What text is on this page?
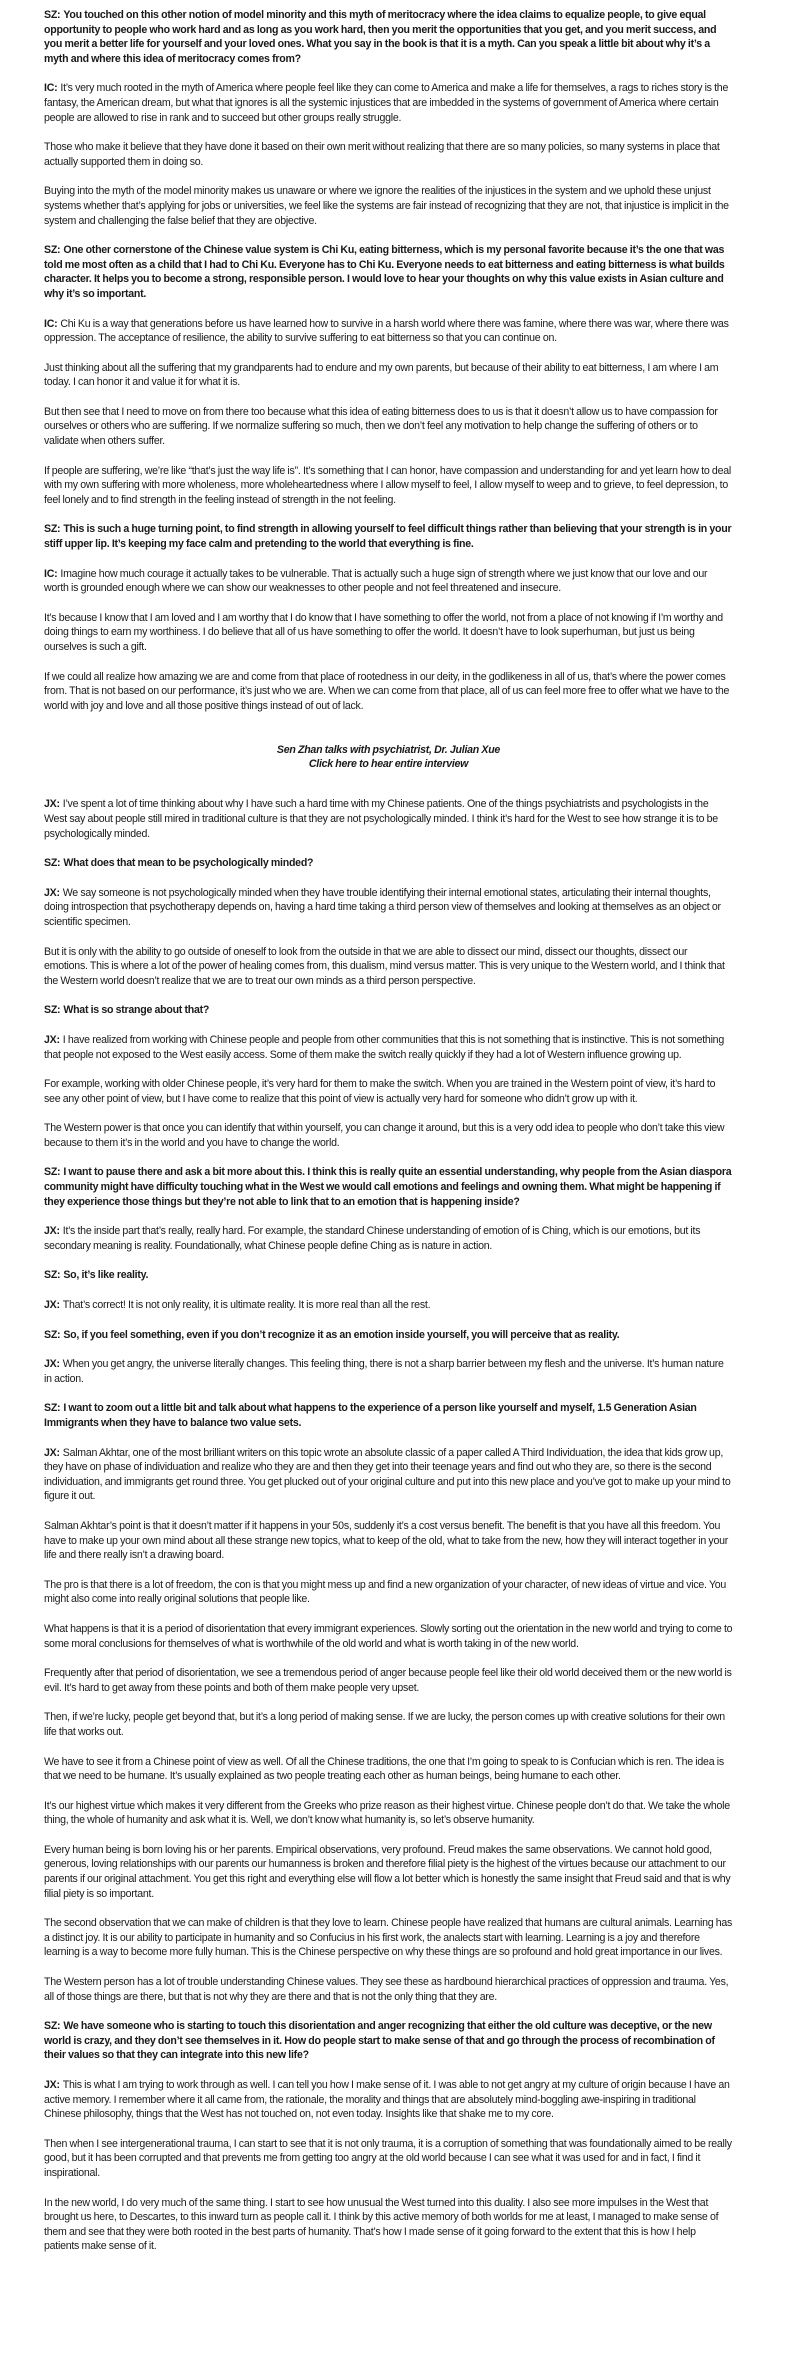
SZ: You touched on this other notion of model minority and this myth of meritocracy where the idea claims to equalize people, to give equal opportunity to people who work hard and as long as you work hard, then you merit the opportunities that you get, and you merit success, and you merit a better life for yourself and your loved ones. What you say in the book is that it is a myth. Can you speak a little bit about why it’s a myth and where this idea of meritocracy comes from?

IC: It’s very much rooted in the myth of America where people feel like they can come to America and make a life for themselves, a rags to riches story is the fantasy, the American dream, but what that ignores is all the systemic injustices that are imbedded in the systems of government of America where certain people are allowed to rise in rank and to succeed but other groups really struggle.

Those who make it believe that they have done it based on their own merit without realizing that there are so many policies, so many systems in place that actually supported them in doing so.

Buying into the myth of the model minority makes us unaware or where we ignore the realities of the injustices in the system and we uphold these unjust systems whether that’s applying for jobs or universities, we feel like the systems are fair instead of recognizing that they are not, that injustice is implicit in the system and challenging the false belief that they are objective.

SZ: One other cornerstone of the Chinese value system is Chi Ku, eating bitterness, which is my personal favorite because it’s the one that was told me most often as a child that I had to Chi Ku. Everyone has to Chi Ku. Everyone needs to eat bitterness and eating bitterness is what builds character. It helps you to become a strong, responsible person. I would love to hear your thoughts on why this value exists in Asian culture and why it’s so important.

IC: Chi Ku is a way that generations before us have learned how to survive in a harsh world where there was famine, where there was war, where there was oppression. The acceptance of resilience, the ability to survive suffering to eat bitterness so that you can continue on.

Just thinking about all the suffering that my grandparents had to endure and my own parents, but because of their ability to eat bitterness, I am where I am today. I can honor it and value it for what it is.

But then see that I need to move on from there too because what this idea of eating bitterness does to us is that it doesn’t allow us to have compassion for ourselves or others who are suffering. If we normalize suffering so much, then we don’t feel any motivation to help change the suffering of others or to validate when others suffer.

If people are suffering, we’re like “that’s just the way life is”. It’s something that I can honor, have compassion and understanding for and yet learn how to deal with my own suffering with more wholeness, more wholeheartedness where I allow myself to feel, I allow myself to weep and to grieve, to feel depression, to feel lonely and to find strength in the feeling instead of strength in the not feeling.

SZ: This is such a huge turning point, to find strength in allowing yourself to feel difficult things rather than believing that your strength is in your stiff upper lip. It’s keeping my face calm and pretending to the world that everything is fine.

IC: Imagine how much courage it actually takes to be vulnerable. That is actually such a huge sign of strength where we just know that our love and our worth is grounded enough where we can show our weaknesses to other people and not feel threatened and insecure.

It’s because I know that I am loved and I am worthy that I do know that I have something to offer the world, not from a place of not knowing if I’m worthy and doing things to earn my worthiness. I do believe that all of us have something to offer the world. It doesn’t have to look superhuman, but just us being ourselves is such a gift.

If we could all realize how amazing we are and come from that place of rootedness in our deity, in the godlikeness in all of us, that’s where the power comes from. That is not based on our performance, it’s just who we are. When we can come from that place, all of us can feel more free to offer what we have to the world with joy and love and all those positive things instead of out of lack.

Sen Zhan talks with psychiatrist, Dr. Julian Xue
Click here to hear entire interview

JX: I’ve spent a lot of time thinking about why I have such a hard time with my Chinese patients. One of the things psychiatrists and psychologists in the West say about people still mired in traditional culture is that they are not psychologically minded. I think it’s hard for the West to see how strange it is to be psychologically minded.

SZ: What does that mean to be psychologically minded?

JX: We say someone is not psychologically minded when they have trouble identifying their internal emotional states, articulating their internal thoughts, doing introspection that psychotherapy depends on, having a hard time taking a third person view of themselves and looking at themselves as an object or scientific specimen.

But it is only with the ability to go outside of oneself to look from the outside in that we are able to dissect our mind, dissect our thoughts, dissect our emotions. This is where a lot of the power of healing comes from, this dualism, mind versus matter. This is very unique to the Western world, and I think that the Western world doesn’t realize that we are to treat our own minds as a third person perspective.

SZ: What is so strange about that?

JX: I have realized from working with Chinese people and people from other communities that this is not something that is instinctive. This is not something that people not exposed to the West easily access. Some of them make the switch really quickly if they had a lot of Western influence growing up.

For example, working with older Chinese people, it’s very hard for them to make the switch. When you are trained in the Western point of view, it’s hard to see any other point of view, but I have come to realize that this point of view is actually very hard for someone who didn’t grow up with it.

The Western power is that once you can identify that within yourself, you can change it around, but this is a very odd idea to people who don’t take this view because to them it’s in the world and you have to change the world.

SZ: I want to pause there and ask a bit more about this. I think this is really quite an essential understanding, why people from the Asian diaspora community might have difficulty touching what in the West we would call emotions and feelings and owning them. What might be happening if they experience those things but they’re not able to link that to an emotion that is happening inside?

JX: It’s the inside part that’s really, really hard. For example, the standard Chinese understanding of emotion of is Ching, which is our emotions, but its secondary meaning is reality. Foundationally, what Chinese people define Ching as is nature in action.

SZ: So, it’s like reality.

JX: That’s correct! It is not only reality, it is ultimate reality. It is more real than all the rest.

SZ: So, if you feel something, even if you don’t recognize it as an emotion inside yourself, you will perceive that as reality.

JX: When you get angry, the universe literally changes. This feeling thing, there is not a sharp barrier between my flesh and the universe. It’s human nature in action.

SZ: I want to zoom out a little bit and talk about what happens to the experience of a person like yourself and myself, 1.5 Generation Asian Immigrants when they have to balance two value sets.

JX: Salman Akhtar, one of the most brilliant writers on this topic wrote an absolute classic of a paper called A Third Individuation, the idea that kids grow up, they have on phase of individuation and realize who they are and then they get into their teenage years and find out who they are, so there is the second individuation, and immigrants get round three. You get plucked out of your original culture and put into this new place and you’ve got to make up your mind to figure it out.

Salman Akhtar’s point is that it doesn’t matter if it happens in your 50s, suddenly it’s a cost versus benefit. The benefit is that you have all this freedom. You have to make up your own mind about all these strange new topics, what to keep of the old, what to take from the new, how they will interact together in your life and there really isn’t a drawing board.

The pro is that there is a lot of freedom, the con is that you might mess up and find a new organization of your character, of new ideas of virtue and vice. You might also come into really original solutions that people like.

What happens is that it is a period of disorientation that every immigrant experiences. Slowly sorting out the orientation in the new world and trying to come to some moral conclusions for themselves of what is worthwhile of the old world and what is worth taking in of the new world.

Frequently after that period of disorientation, we see a tremendous period of anger because people feel like their old world deceived them or the new world is evil. It’s hard to get away from these points and both of them make people very upset.

Then, if we’re lucky, people get beyond that, but it’s a long period of making sense. If we are lucky, the person comes up with creative solutions for their own life that works out.

We have to see it from a Chinese point of view as well. Of all the Chinese traditions, the one that I’m going to speak to is Confucian which is ren. The idea is that we need to be humane. It’s usually explained as two people treating each other as human beings, being humane to each other.

It’s our highest virtue which makes it very different from the Greeks who prize reason as their highest virtue. Chinese people don’t do that. We take the whole thing, the whole of humanity and ask what it is. Well, we don’t know what humanity is, so let’s observe humanity.

Every human being is born loving his or her parents. Empirical observations, very profound. Freud makes the same observations. We cannot hold good, generous, loving relationships with our parents our humanness is broken and therefore filial piety is the highest of the virtues because our attachment to our parents if our original attachment. You get this right and everything else will flow a lot better which is honestly the same insight that Freud said and that is why filial piety is so important.

The second observation that we can make of children is that they love to learn. Chinese people have realized that humans are cultural animals. Learning has a distinct joy. It is our ability to participate in humanity and so Confucius in his first work, the analects start with learning. Learning is a joy and therefore learning is a way to become more fully human. This is the Chinese perspective on why these things are so profound and hold great importance in our lives.

The Western person has a lot of trouble understanding Chinese values. They see these as hardbound hierarchical practices of oppression and trauma. Yes, all of those things are there, but that is not why they are there and that is not the only thing that they are.

SZ: We have someone who is starting to touch this disorientation and anger recognizing that either the old culture was deceptive, or the new world is crazy, and they don’t see themselves in it. How do people start to make sense of that and go through the process of recombination of their values so that they can integrate into this new life?

JX: This is what I am trying to work through as well. I can tell you how I make sense of it. I was able to not get angry at my culture of origin because I have an active memory. I remember where it all came from, the rationale, the morality and things that are absolutely mind-boggling awe-inspiring in traditional Chinese philosophy, things that the West has not touched on, not even today. Insights like that shake me to my core.

Then when I see intergenerational trauma, I can start to see that it is not only trauma, it is a corruption of something that was foundationally aimed to be really good, but it has been corrupted and that prevents me from getting too angry at the old world because I can see what it was used for and in fact, I find it inspirational.

In the new world, I do very much of the same thing. I start to see how unusual the West turned into this duality. I also see more impulses in the West that brought us here, to Descartes, to this inward turn as people call it. I think by this active memory of both worlds for me at least, I managed to make sense of them and see that they were both rooted in the best parts of humanity. That’s how I made sense of it going forward to the extent that this is how I help patients make sense of it.
